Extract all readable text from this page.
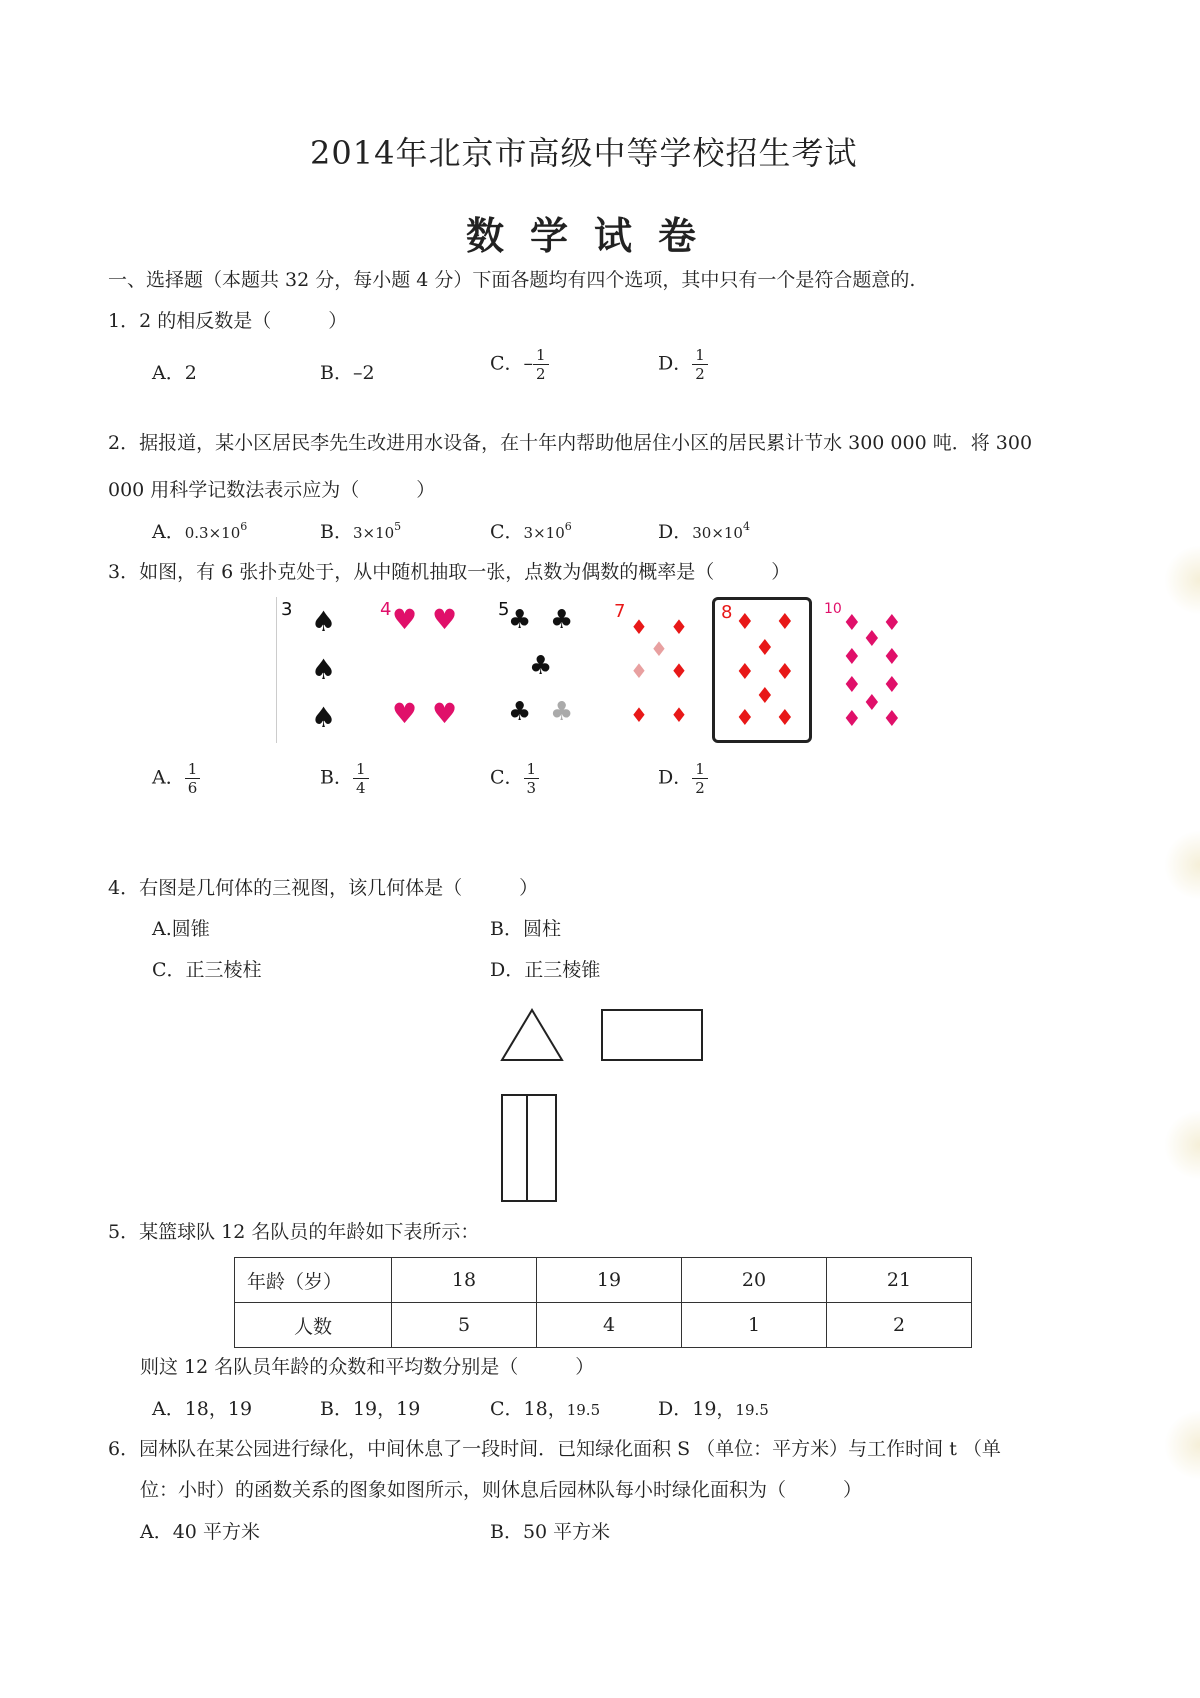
2014年北京市高级中等学校招生考试
数学试卷
一、选择题（本题共 32 分，每小题 4 分）下面各题均有四个选项，其中只有一个是符合题意的.
1．2 的相反数是（　　　）
A．2	B．–2	C．– $\frac{1}{2}$	D． $\frac{1}{2}$
2．据报道，某小区居民李先生改进用水设备，在十年内帮助他居住小区的居民累计节水 300 000 吨．将 300
000 用科学记数法表示应为（　　　）
A．$0.3\times 10^6$	B．$3\times 10^5$	C．$3\times 10^6$	D．$30\times 10^4$
3．如图，有 6 张扑克处于，从中随机抽取一张，点数为偶数的概率是（　　　）
3 ♠
♠
♠
4 ♥ ♥
♥ ♥
5
♣ ♣
♣
♣ ♣
7
♦ ♦
♦
♦ ♦
♦ ♦
8 ♦ ♦
♦
♦ ♦
♦
♦ ♦
10
♦ ♦
♦
♦ ♦
♦ ♦
♦
♦ ♦
A． $\frac{1}{6}$	B． $\frac{1}{4}$	C． $\frac{1}{3}$	D． $\frac{1}{2}$
4．右图是几何体的三视图，该几何体是（　　　）
A.圆锥	B．圆柱
C．正三棱柱	D．正三棱锥
5．某篮球队 12 名队员的年龄如下表所示：
年龄（岁）	18	19	20	21
人数	5	4	1	2
则这 12 名队员年龄的众数和平均数分别是（　　　）
A．18，19	B．19，19	C．18，19.5	D．19，19.5
6．园林队在某公园进行绿化，中间休息了一段时间．已知绿化面积 S （单位：平方米）与工作时间 t （单
位：小时）的函数关系的图象如图所示，则休息后园林队每小时绿化面积为（　　　）
A．40 平方米	B．50 平方米
